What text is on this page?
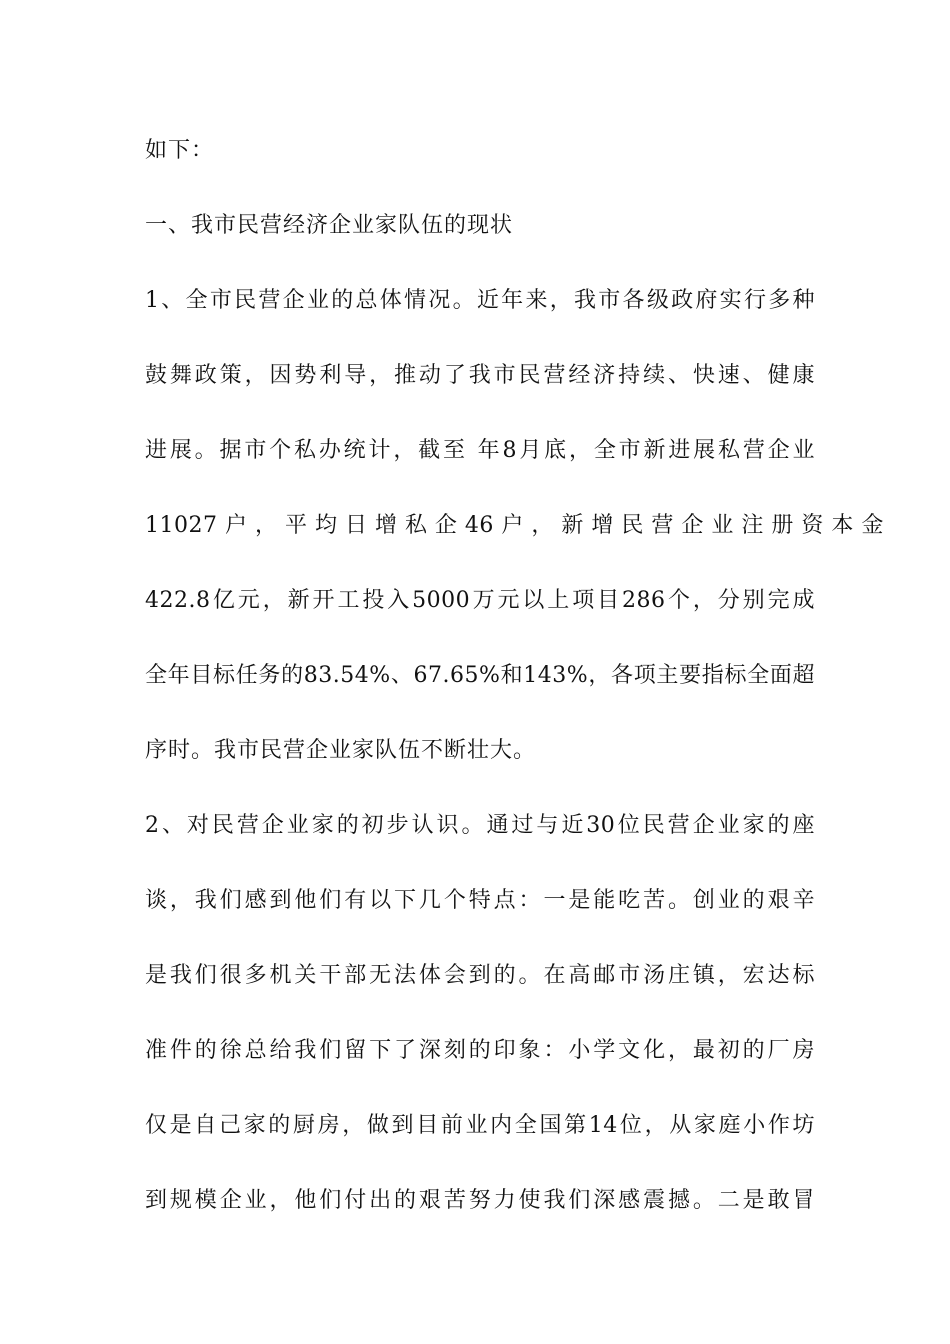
如下：
一、我市民营经济企业家队伍的现状
1、全市民营企业的总体情况。近年来，我市各级政府实行多种
鼓舞政策，因势利导，推动了我市民营经济持续、快速、健康
进展。据市个私办统计，截至 年8月底，全市新进展私营企业
11027 户 ， 平 均 日 增 私 企 46 户 ， 新 增 民 营 企 业 注 册 资 本 金
422.8亿元，新开工投入5000万元以上项目286个，分别完成
全年目标任务的83.54%、67.65%和143%，各项主要指标全面超
序时。我市民营企业家队伍不断壮大。
2、对民营企业家的初步认识。通过与近30位民营企业家的座
谈，我们感到他们有以下几个特点：一是能吃苦。创业的艰辛
是我们很多机关干部无法体会到的。在高邮市汤庄镇，宏达标
准件的徐总给我们留下了深刻的印象：小学文化，最初的厂房
仅是自己家的厨房，做到目前业内全国第14位，从家庭小作坊
到规模企业，他们付出的艰苦努力使我们深感震撼。二是敢冒
